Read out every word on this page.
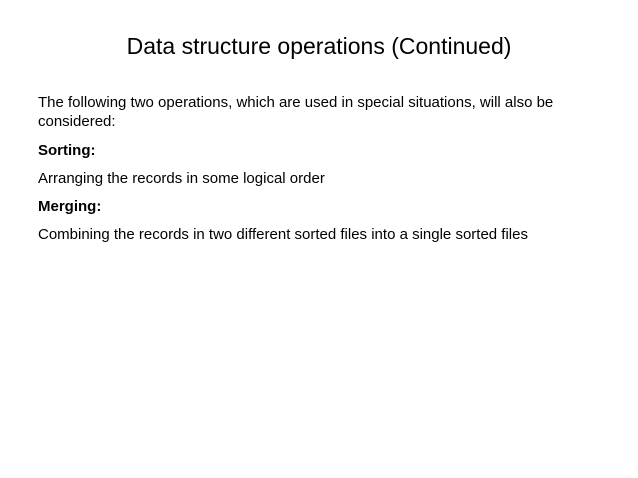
Data structure operations (Continued)

The following two operations, which are used in special situations, will also be considered:

Sorting:

Arranging the records in some logical order

Merging:

Combining the records in two different sorted files into a single sorted files
